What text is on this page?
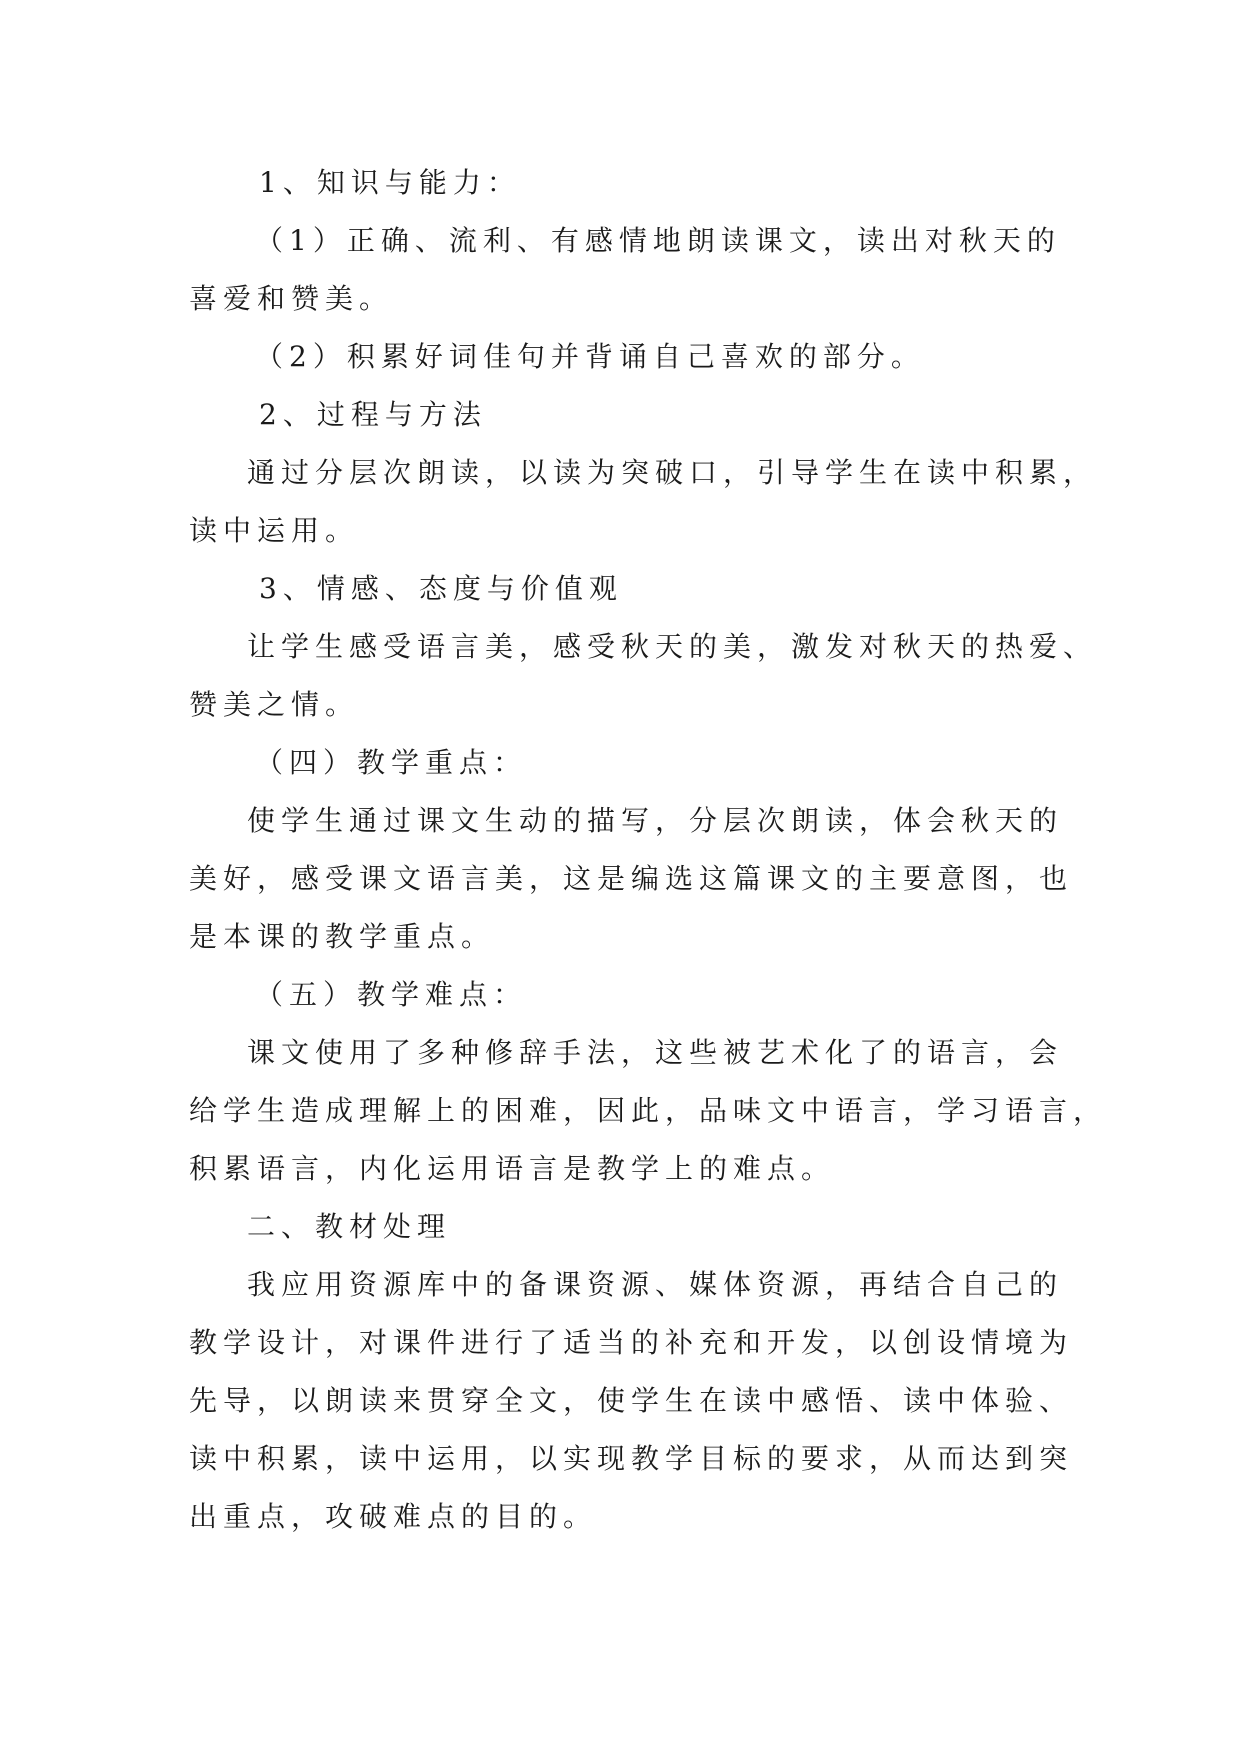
1、知识与能力：
（1）正确、流利、有感情地朗读课文，读出对秋天的
喜爱和赞美。
（2）积累好词佳句并背诵自己喜欢的部分。
2、过程与方法
通过分层次朗读，以读为突破口，引导学生在读中积累，
读中运用。
3、情感、态度与价值观
让学生感受语言美，感受秋天的美，激发对秋天的热爱、
赞美之情。
（四）教学重点：
使学生通过课文生动的描写，分层次朗读，体会秋天的
美好，感受课文语言美，这是编选这篇课文的主要意图，也
是本课的教学重点。
（五）教学难点：
课文使用了多种修辞手法，这些被艺术化了的语言，会
给学生造成理解上的困难，因此，品味文中语言，学习语言，
积累语言，内化运用语言是教学上的难点。
二、教材处理
我应用资源库中的备课资源、媒体资源，再结合自己的
教学设计，对课件进行了适当的补充和开发，以创设情境为
先导，以朗读来贯穿全文，使学生在读中感悟、读中体验、
读中积累，读中运用，以实现教学目标的要求，从而达到突
出重点，攻破难点的目的。
